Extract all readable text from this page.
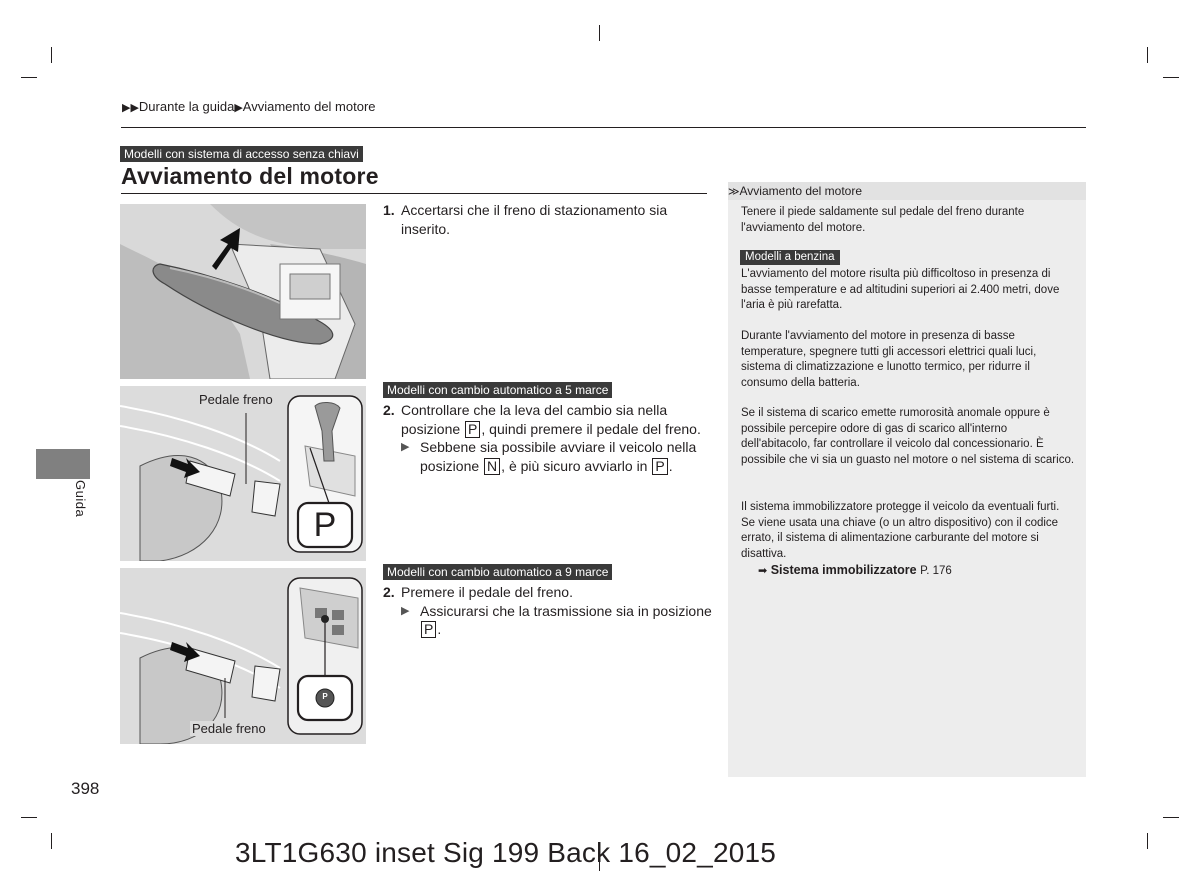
▶▶Durante la guida▶Avviamento del motore
Modelli con sistema di accesso senza chiavi
Avviamento del motore
Pedale freno
P
P
Pedale freno
1. Accertarsi che il freno di stazionamento sia inserito.
Modelli con cambio automatico a 5 marce
2. Controllare che la leva del cambio sia nella posizione P , quindi premere il pedale del freno.
▶ Sebbene sia possibile avviare il veicolo nella posizione N , è più sicuro avviarlo in P .
Modelli con cambio automatico a 9 marce
2. Premere il pedale del freno.
▶ Assicurarsi che la trasmissione sia in posizione P .
≫Avviamento del motore
Tenere il piede saldamente sul pedale del freno durante l'avviamento del motore.
Modelli a benzina
L'avviamento del motore risulta più difficoltoso in presenza di basse temperature e ad altitudini superiori ai 2.400 metri, dove l'aria è più rarefatta.
Durante l'avviamento del motore in presenza di basse temperature, spegnere tutti gli accessori elettrici quali luci, sistema di climatizzazione e lunotto termico, per ridurre il consumo della batteria.
Se il sistema di scarico emette rumorosità anomale oppure è possibile percepire odore di gas di scarico all'interno dell'abitacolo, far controllare il veicolo dal concessionario. È possibile che vi sia un guasto nel motore o nel sistema di scarico.
Il sistema immobilizzatore protegge il veicolo da eventuali furti. Se viene usata una chiave (o un altro dispositivo) con il codice errato, il sistema di alimentazione carburante del motore si disattiva.
➡ Sistema immobilizzatore P. 176
Guida
398
3LT1G630 inset Sig 199 Back 16_02_2015
